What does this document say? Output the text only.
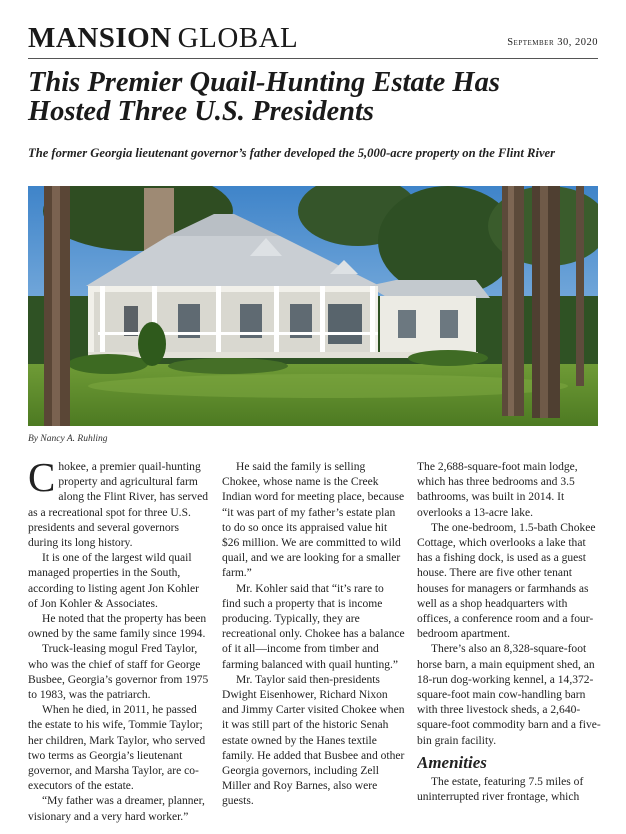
MANSION GLOBAL	September 30, 2020
This Premier Quail-Hunting Estate Has
Hosted Three U.S. Presidents

The former Georgia lieutenant governor’s father developed the 5,000-acre property on the Flint River

By Nancy A. Ruhling

Chokee, a premier quail-hunting property and agricultural farm along the Flint River, has served as a recreational spot for three U.S. presidents and several governors during its long history.

It is one of the largest wild quail managed properties in the South, according to listing agent Jon Kohler of Jon Kohler & Associates.

He noted that the property has been owned by the same family since 1994.

Truck-leasing mogul Fred Taylor, who was the chief of staff for George Busbee, Georgia’s governor from 1975 to 1983, was the patriarch.

When he died, in 2011, he passed the estate to his wife, Tommie Taylor; her children, Mark Taylor, who served two terms as Georgia’s lieutenant governor, and Marsha Taylor, are co-executors of the estate.

“My father was a dreamer, planner, visionary and a very hard worker.”

He said the family is selling Chokee, whose name is the Creek Indian word for meeting place, because “it was part of my father’s estate plan to do so once its appraised value hit $26 million. We are committed to wild quail, and we are looking for a smaller farm.”

Mr. Kohler said that “it’s rare to find such a property that is income producing. Typically, they are recreational only. Chokee has a balance of it all—income from timber and farming balanced with quail hunting.”

Mr. Taylor said then-presidents Dwight Eisenhower, Richard Nixon and Jimmy Carter visited Chokee when it was still part of the historic Senah estate owned by the Hanes textile family. He added that Busbee and other Georgia governors, including Zell Miller and Roy Barnes, also were guests.

The 2,688-square-foot main lodge, which has three bedrooms and 3.5 bathrooms, was built in 2014. It overlooks a 13-acre lake.

The one-bedroom, 1.5-bath Chokee Cottage, which overlooks a lake that has a fishing dock, is used as a guest house. There are five other tenant houses for managers or farmhands as well as a shop headquarters with offices, a conference room and a four-bedroom apartment.

There’s also an 8,328-square-foot horse barn, a main equipment shed, an 18-run dog-working kennel, a 14,372-square-foot main cow-handling barn with three livestock sheds, a 2,640-square-foot commodity barn and a five-bin grain facility.

Amenities

The estate, featuring 7.5 miles of uninterrupted river frontage, which
